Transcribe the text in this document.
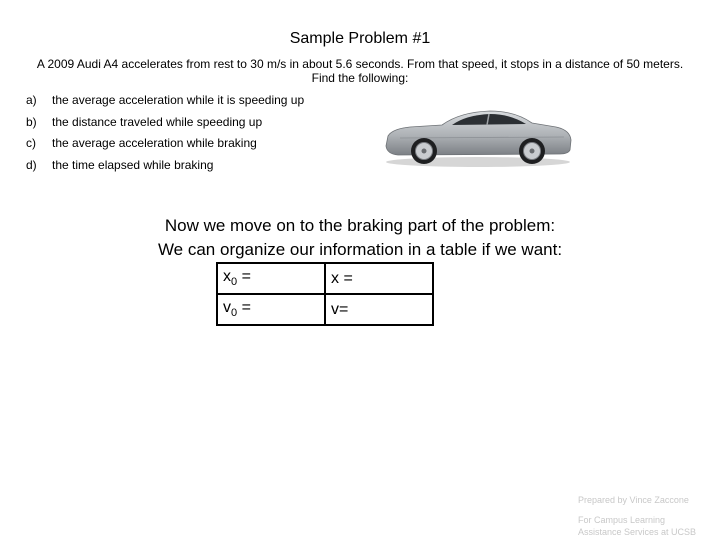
Sample Problem #1
A 2009 Audi A4 accelerates from rest to 30 m/s in about 5.6 seconds. From that speed, it stops in a distance of 50 meters. Find the following:
a) the average acceleration while it is speeding up
b) the distance traveled while speeding up
c) the average acceleration while braking
d) the time elapsed while braking
Now we move on to the braking part of the problem:
We can organize our information in a table if we want:
$x_0$ =	x =
$v_0$ =	v=
Prepared by Vince Zaccone
For Campus Learning
Assistance Services at UCSB
